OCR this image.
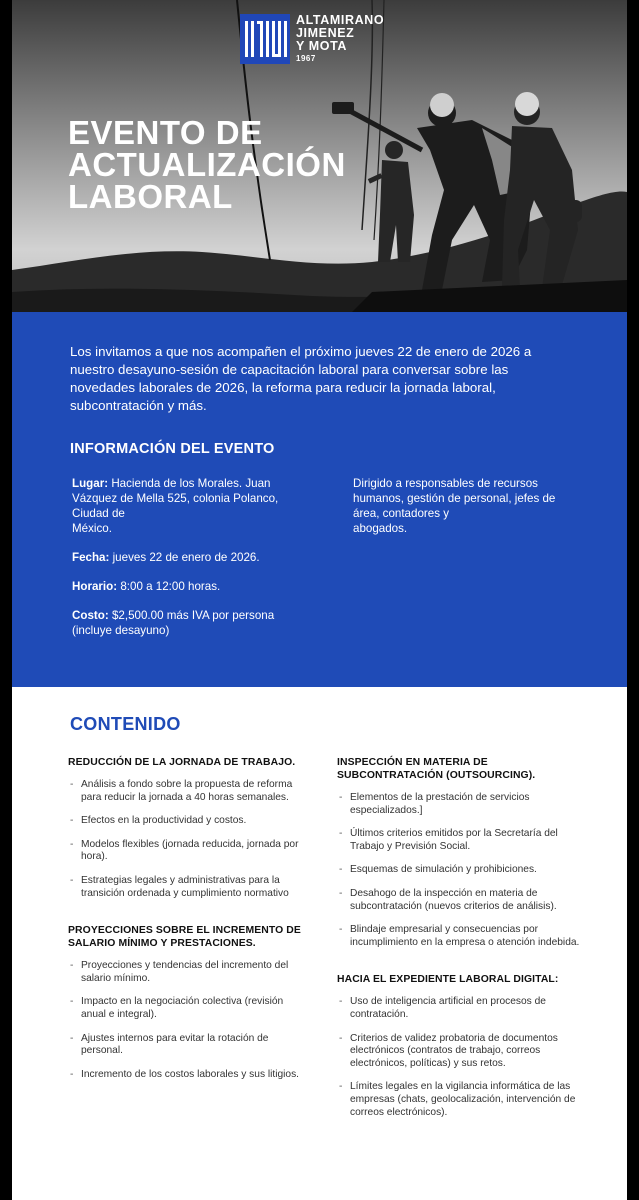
ALTAMIRANO
JIMENEZ
Y MOTA
1967
EVENTO DE
ACTUALIZACIÓN
LABORAL

Los invitamos a que nos acompañen el próximo jueves 22 de enero de 2026 a nuestro desayuno-sesión de capacitación laboral para conversar sobre las novedades laborales de 2026, la reforma para reducir la jornada laboral, subcontratación y más.

INFORMACIÓN DEL EVENTO

Lugar: Hacienda de los Morales. Juan Vázquez de Mella 525, colonia Polanco, Ciudad de
México.

Fecha: jueves 22 de enero de 2026.

Horario: 8:00 a 12:00 horas.

Costo: $2,500.00 más IVA por persona (incluye desayuno)

Dirigido a responsables de recursos humanos, gestión de personal, jefes de área, contadores y
abogados.
CONTENIDO
REDUCCIÓN DE LA JORNADA DE TRABAJO.
- Análisis a fondo sobre la propuesta de reforma para reducir la jornada a 40 horas semanales.
- Efectos en la productividad y costos.
- Modelos flexibles (jornada reducida, jornada por hora).
- Estrategias legales y administrativas para la transición ordenada y cumplimiento normativo
PROYECCIONES SOBRE EL INCREMENTO DE SALARIO MÍNIMO Y PRESTACIONES.
- Proyecciones y tendencias del incremento del salario mínimo.
- Impacto en la negociación colectiva (revisión anual e integral).
- Ajustes internos para evitar la rotación de personal.
- Incremento de los costos laborales y sus litigios.
INSPECCIÓN EN MATERIA DE SUBCONTRATACIÓN (OUTSOURCING).
- Elementos de la prestación de servicios especializados.]
- Últimos criterios emitidos por la Secretaría del Trabajo y Previsión Social.
- Esquemas de simulación y prohibiciones.
- Desahogo de la inspección en materia de subcontratación (nuevos criterios de análisis).
- Blindaje empresarial y consecuencias por incumplimiento en la empresa o atención indebida.
HACIA EL EXPEDIENTE LABORAL DIGITAL:
- Uso de inteligencia artificial en procesos de contratación.
- Criterios de validez probatoria de documentos electrónicos (contratos de trabajo, correos electrónicos, políticas) y sus retos.
- Límites legales en la vigilancia informática de las empresas (chats, geolocalización, intervención de correos electrónicos).
